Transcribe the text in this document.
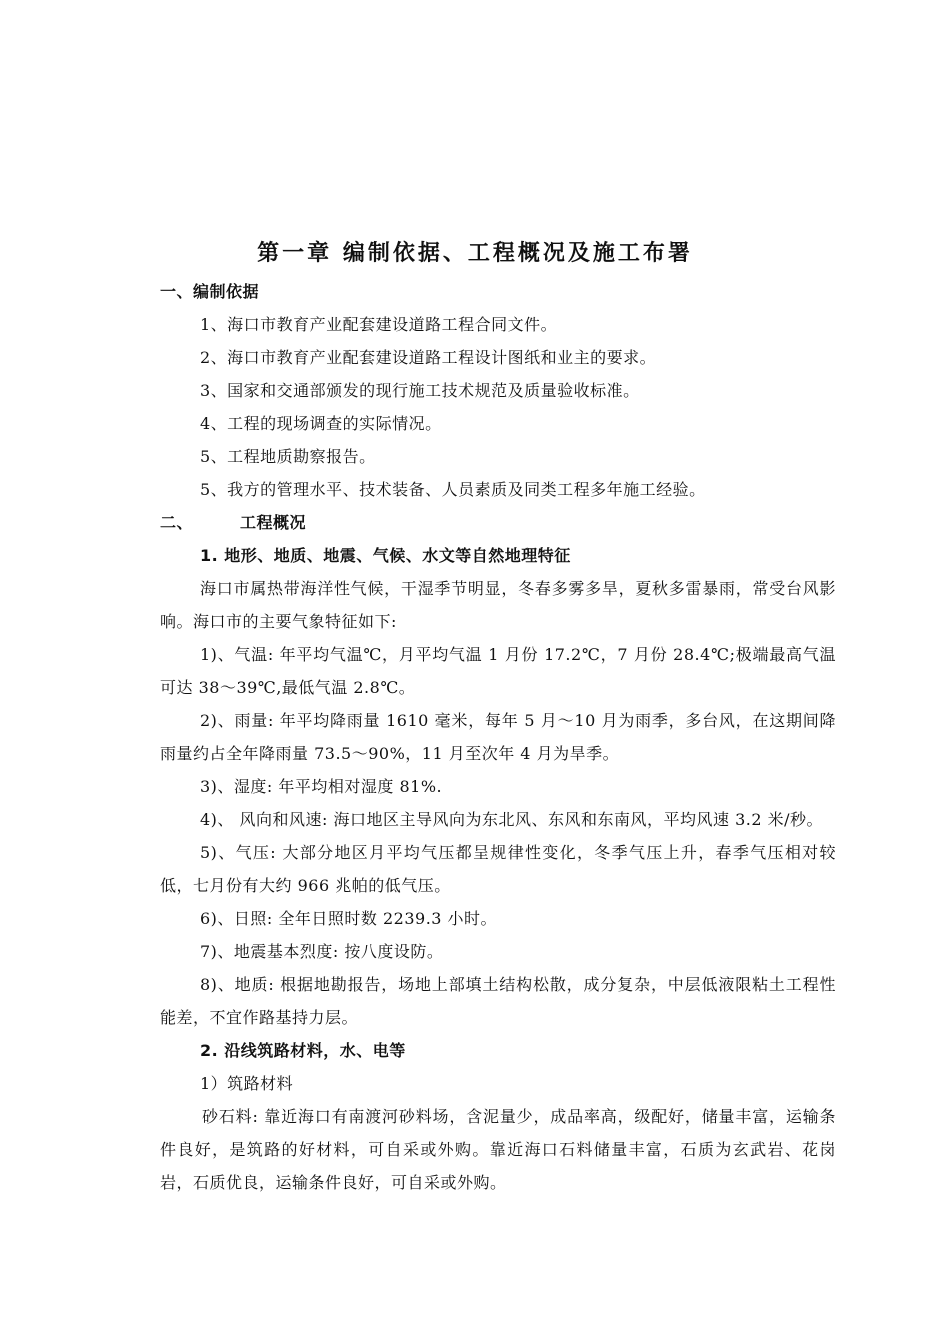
第一章 编制依据、工程概况及施工布署

一、编制依据

1、海口市教育产业配套建设道路工程合同文件。

2、海口市教育产业配套建设道路工程设计图纸和业主的要求。

3、国家和交通部颁发的现行施工技术规范及质量验收标准。

4、工程的现场调查的实际情况。

5、工程地质勘察报告。

5、我方的管理水平、技术装备、人员素质及同类工程多年施工经验。

二、	工程概况

1. 地形、地质、地震、气候、水文等自然地理特征

海口市属热带海洋性气候，干湿季节明显，冬春多雾多旱，夏秋多雷暴雨，常受台风影响。海口市的主要气象特征如下:

1)、气温: 年平均气温℃，月平均气温 1 月份 17.2℃，7 月份 28.4℃;极端最高气温可达 38～39℃,最低气温 2.8℃。

2)、雨量: 年平均降雨量 1610 毫米，每年 5 月～10 月为雨季，多台风，在这期间降雨量约占全年降雨量 73.5～90%，11 月至次年 4 月为旱季。

3)、湿度: 年平均相对湿度 81%.

4)、 风向和风速: 海口地区主导风向为东北风、东风和东南风，平均风速 3.2 米/秒。

5)、气压: 大部分地区月平均气压都呈规律性变化，冬季气压上升，春季气压相对较低，七月份有大约 966 兆帕的低气压。

6)、日照: 全年日照时数 2239.3 小时。

7)、地震基本烈度: 按八度设防。

8)、地质: 根据地勘报告，场地上部填土结构松散，成分复杂，中层低液限粘土工程性能差，不宜作路基持力层。

2. 沿线筑路材料，水、电等

1）筑路材料

砂石料: 靠近海口有南渡河砂料场，含泥量少，成品率高，级配好，储量丰富，运输条件良好，是筑路的好材料，可自采或外购。靠近海口石料储量丰富，石质为玄武岩、花岗岩，石质优良，运输条件良好，可自采或外购。
